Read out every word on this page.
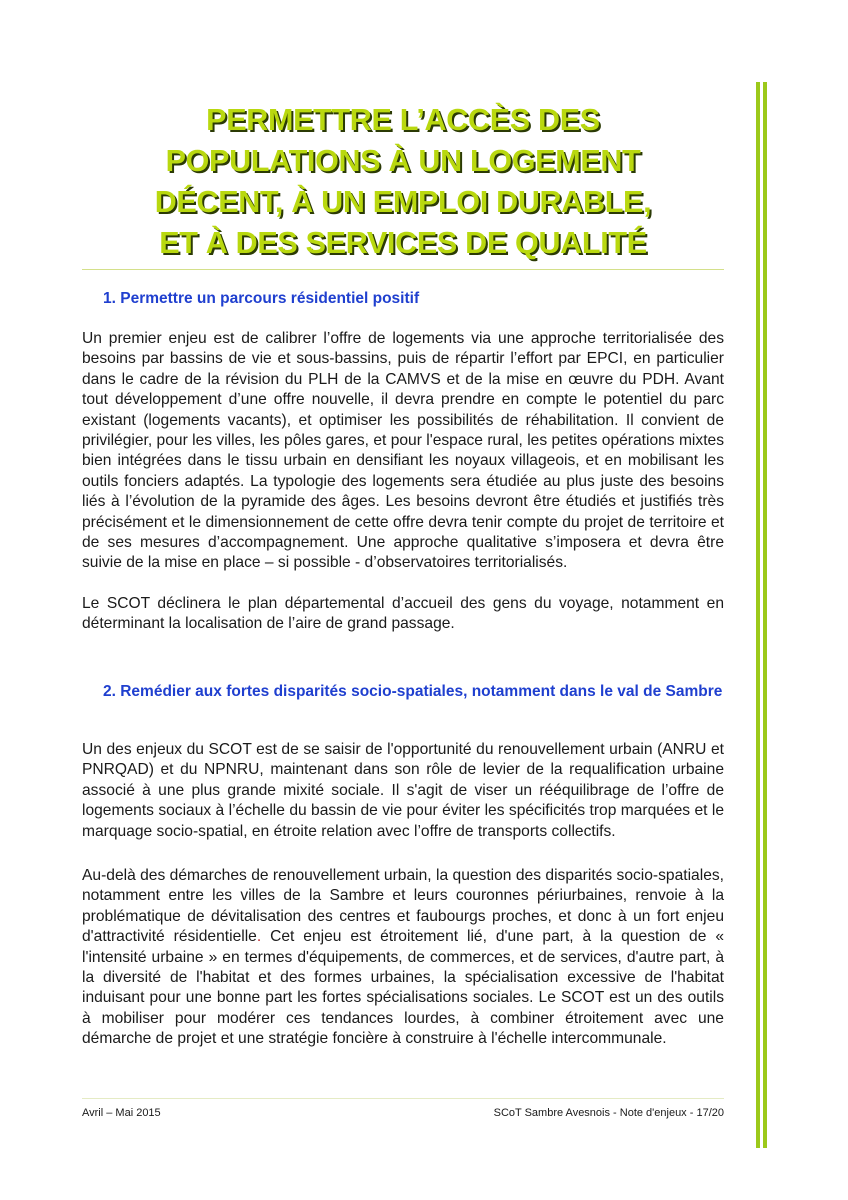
PERMETTRE L’ACCÈS DES
POPULATIONS À UN LOGEMENT
DÉCENT, À UN EMPLOI DURABLE,
ET À DES SERVICES DE QUALITÉ
1. Permettre un parcours résidentiel positif

Un premier enjeu est de calibrer l’offre de logements via une approche territorialisée des besoins par bassins de vie et sous-bassins, puis de répartir l’effort par EPCI, en particulier dans le cadre de la révision du PLH de la CAMVS et de la mise en œuvre du PDH. Avant tout développement d’une offre nouvelle, il devra prendre en compte le potentiel du parc existant (logements vacants), et optimiser les possibilités de réhabilitation. Il convient de privilégier, pour les villes, les pôles gares, et pour l'espace rural, les petites opérations mixtes bien intégrées dans le tissu urbain en densifiant les noyaux villageois, et en mobilisant les outils fonciers adaptés. La typologie des logements sera étudiée au plus juste des besoins liés à l’évolution de la pyramide des âges. Les besoins devront être étudiés et justifiés très précisément et le dimensionnement de cette offre devra tenir compte du projet de territoire et de ses mesures d’accompagnement. Une approche qualitative s’imposera et devra être suivie de la mise en place – si possible - d’observatoires territorialisés.

Le SCOT déclinera le plan départemental d’accueil des gens du voyage, notamment en déterminant la localisation de l’aire de grand passage.

2. Remédier aux fortes disparités socio-spatiales, notamment dans le val de Sambre

Un des enjeux du SCOT est de se saisir de l'opportunité du renouvellement urbain (ANRU et PNRQAD) et du NPNRU, maintenant dans son rôle de levier de la requalification urbaine associé à une plus grande mixité sociale. Il s'agit de viser un rééquilibrage de l’offre de logements sociaux à l’échelle du bassin de vie pour éviter les spécificités trop marquées et le marquage socio-spatial, en étroite relation avec l’offre de transports collectifs.

Au-delà des démarches de renouvellement urbain, la question des disparités socio-spatiales, notamment entre les villes de la Sambre et leurs couronnes périurbaines, renvoie à la problématique de dévitalisation des centres et faubourgs proches, et donc à un fort enjeu d'attractivité résidentielle. Cet enjeu est étroitement lié, d'une part, à la question de « l'intensité urbaine » en termes d'équipements, de commerces, et de services, d'autre part, à la diversité de l'habitat et des formes urbaines, la spécialisation excessive de l'habitat induisant pour une bonne part les fortes spécialisations sociales. Le SCOT est un des outils à mobiliser pour modérer ces tendances lourdes, à combiner étroitement avec une démarche de projet et une stratégie foncière à construire à l'échelle intercommunale.

Avril – Mai 2015	SCoT Sambre Avesnois - Note d'enjeux - 17/20
